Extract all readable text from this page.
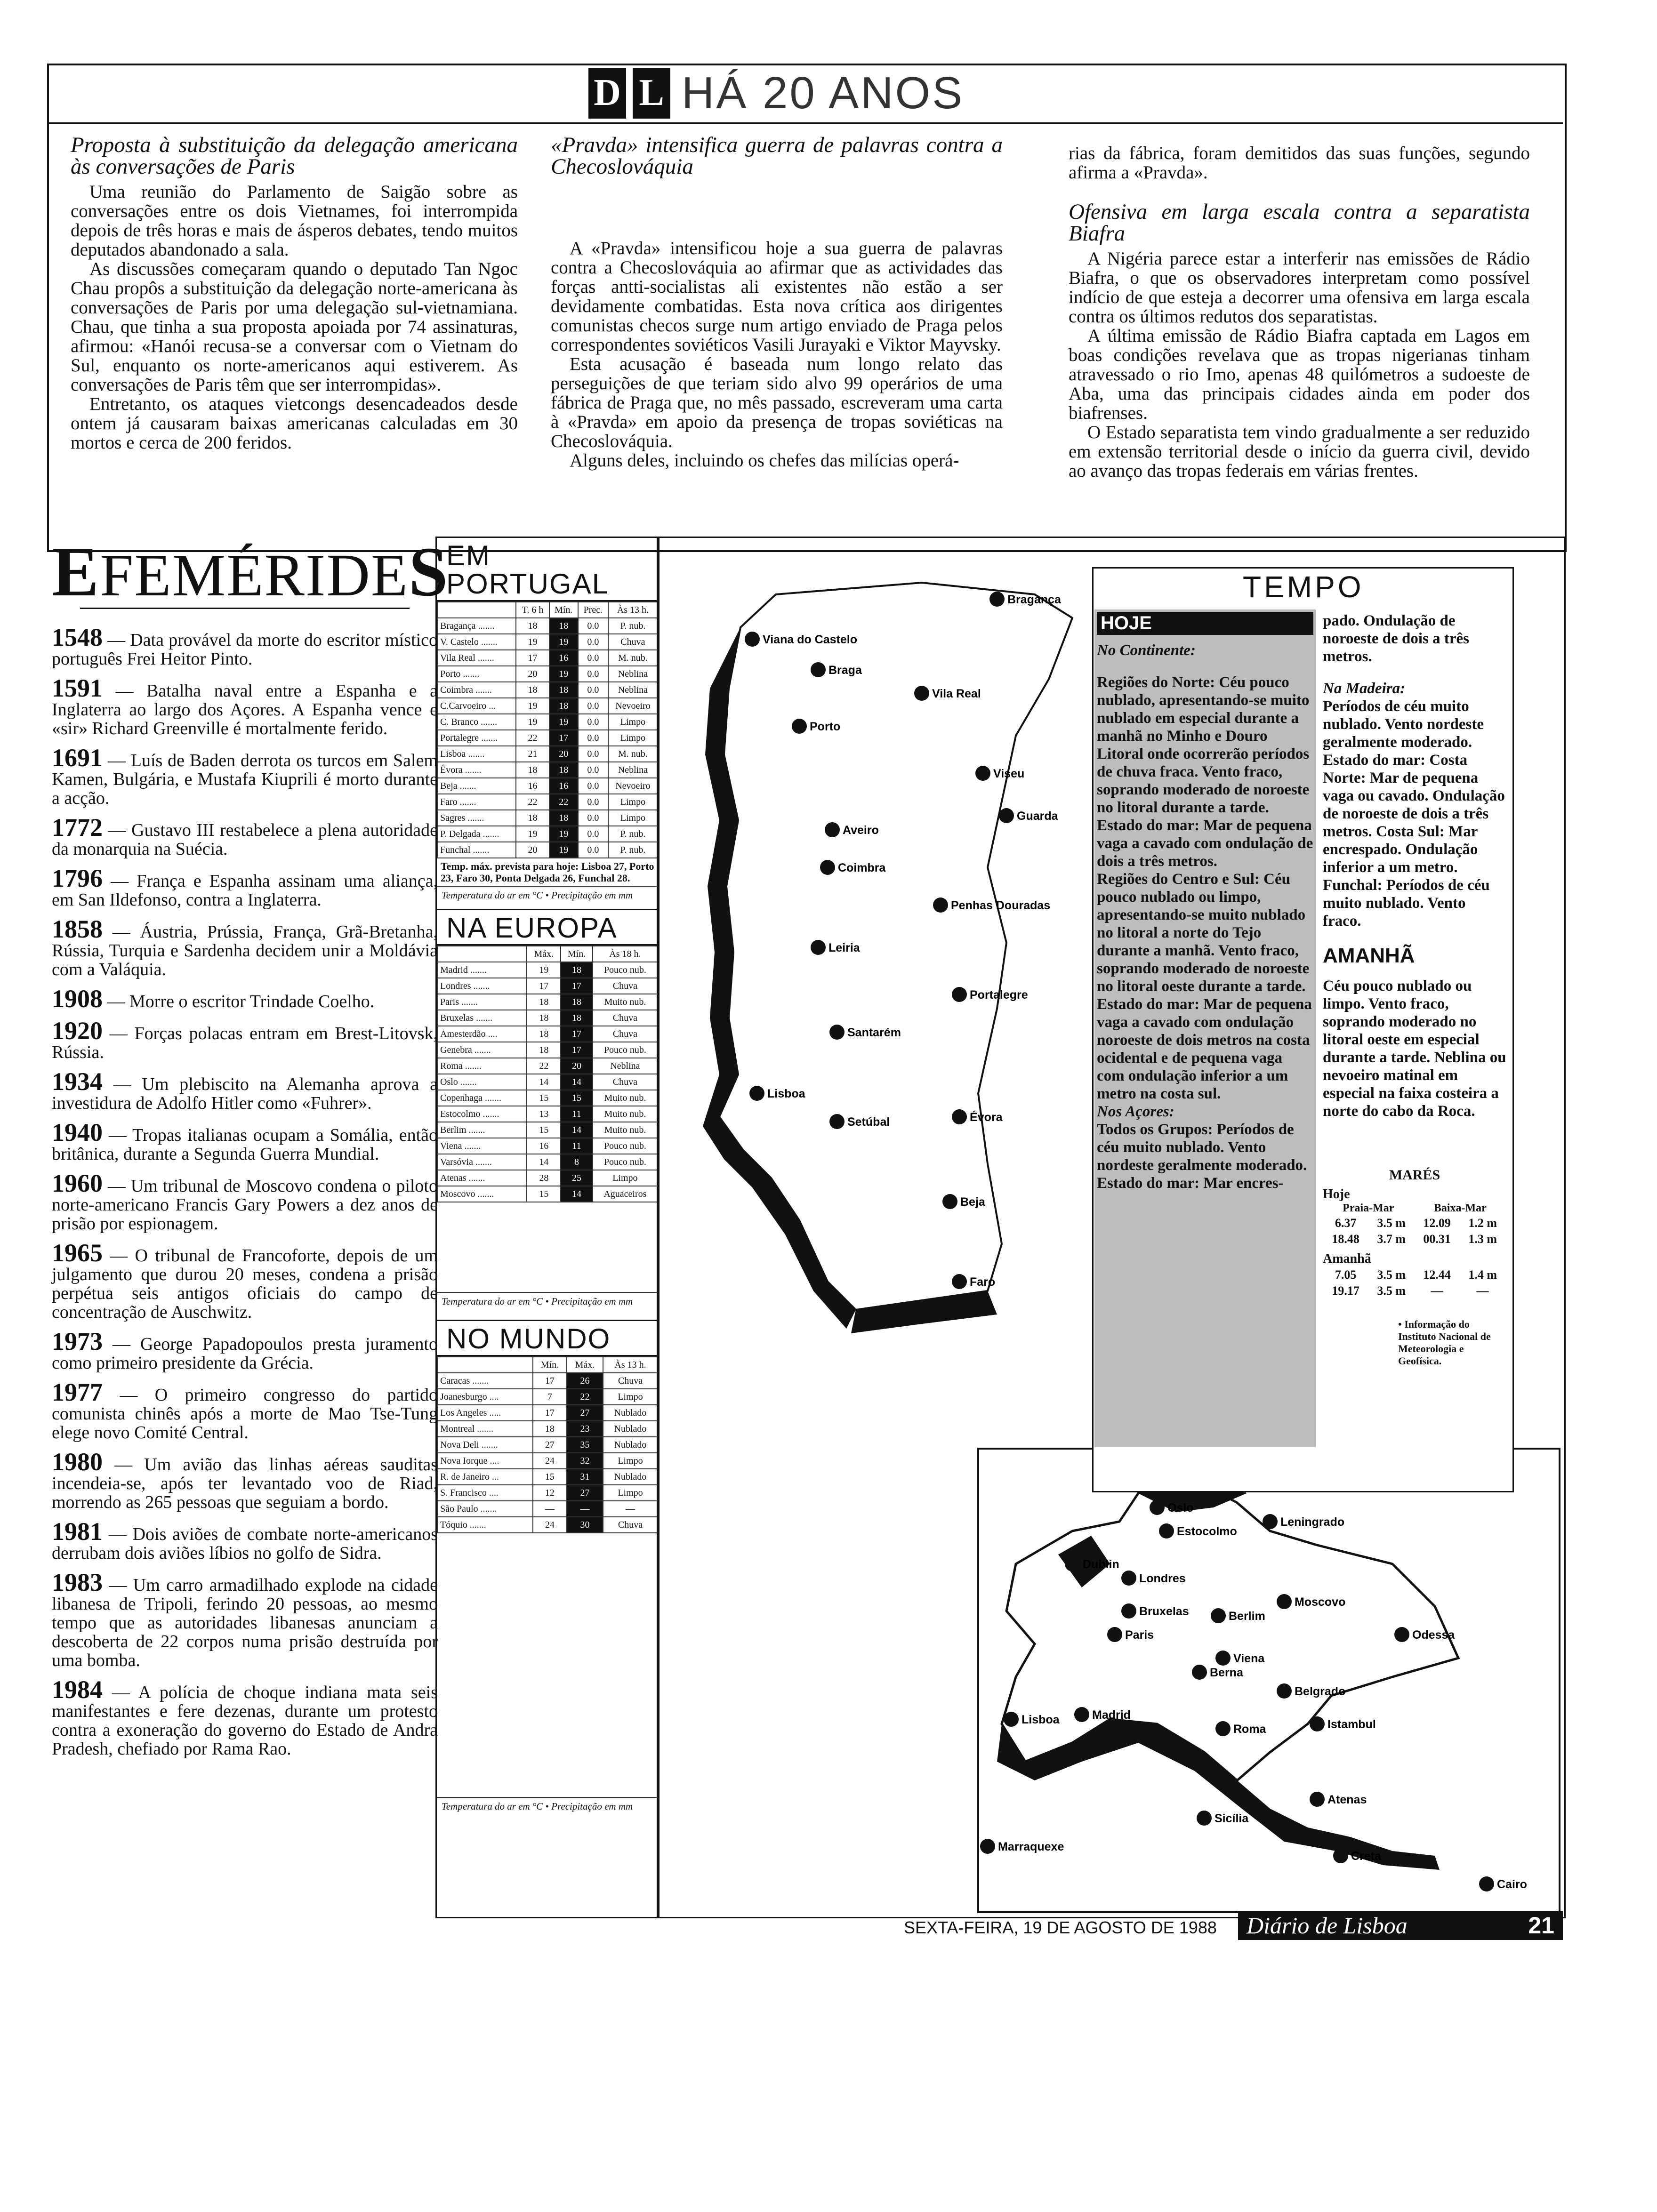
D L HÁ 20 ANOS
Proposta à substituição da delegação americana às conversações de Paris

Uma reunião do Parlamento de Saigão sobre as conversações entre os dois Vietnames, foi interrompida depois de três horas e mais de ásperos debates, tendo muitos deputados abandonado a sala.

As discussões começaram quando o deputado Tan Ngoc Chau propôs a substituição da delegação norte-americana às conversações de Paris por uma delegação sul-vietnamiana. Chau, que tinha a sua proposta apoiada por 74 assinaturas, afirmou: «Hanói recusa-se a conversar com o Vietnam do Sul, enquanto os norte-americanos aqui estiverem. As conversações de Paris têm que ser interrompidas».

Entretanto, os ataques vietcongs desencadeados desde ontem já causaram baixas americanas calculadas em 30 mortos e cerca de 200 feridos.

«Pravda» intensifica guerra de palavras contra a Checoslováquia

A «Pravda» intensificou hoje a sua guerra de palavras contra a Checoslováquia ao afirmar que as actividades das forças antti-socialistas ali existentes não estão a ser devidamente combatidas. Esta nova crítica aos dirigentes comunistas checos surge num artigo enviado de Praga pelos correspondentes soviéticos Vasili Jurayaki e Viktor Mayvsky.

Esta acusação é baseada num longo relato das perseguições de que teriam sido alvo 99 operários de uma fábrica de Praga que, no mês passado, escreveram uma carta à «Pravda» em apoio da presença de tropas soviéticas na Checoslováquia.

Alguns deles, incluindo os chefes das milícias operá-

rias da fábrica, foram demitidos das suas funções, segundo afirma a «Pravda».

Ofensiva em larga escala contra a separatista Biafra

A Nigéria parece estar a interferir nas emissões de Rádio Biafra, o que os observadores interpretam como possível indício de que esteja a decorrer uma ofensiva em larga escala contra os últimos redutos dos separatistas.

A última emissão de Rádio Biafra captada em Lagos em boas condições revelava que as tropas nigerianas tinham atravessado o rio Imo, apenas 48 quilómetros a sudoeste de Aba, uma das principais cidades ainda em poder dos biafrenses.

O Estado separatista tem vindo gradualmente a ser reduzido em extensão territorial desde o início da guerra civil, devido ao avanço das tropas federais em várias frentes.

EFEMÉRIDES

1548 — Data provável da morte do escritor místico português Frei Heitor Pinto.

1591 — Batalha naval entre a Espanha e a Inglaterra ao largo dos Açores. A Espanha vence e «sir» Richard Greenville é mortalmente ferido.

1691 — Luís de Baden derrota os turcos em Salem Kamen, Bulgária, e Mustafa Kiuprili é morto durante a acção.

1772 — Gustavo III restabelece a plena autoridade da monarquia na Suécia.

1796 — França e Espanha assinam uma aliança, em San Ildefonso, contra a Inglaterra.

1858 — Áustria, Prússia, França, Grã-Bretanha, Rússia, Turquia e Sardenha decidem unir a Moldávia com a Valáquia.

1908 — Morre o escritor Trindade Coelho.

1920 — Forças polacas entram em Brest-Litovsk, Rússia.

1934 — Um plebiscito na Alemanha aprova a investidura de Adolfo Hitler como «Fuhrer».

1940 — Tropas italianas ocupam a Somália, então britânica, durante a Segunda Guerra Mundial.

1960 — Um tribunal de Moscovo condena o piloto norte-americano Francis Gary Powers a dez anos de prisão por espionagem.

1965 — O tribunal de Francoforte, depois de um julgamento que durou 20 meses, condena a prisão perpétua seis antigos oficiais do campo de concentração de Auschwitz.

1973 — George Papadopoulos presta juramento como primeiro presidente da Grécia.

1977 — O primeiro congresso do partido comunista chinês após a morte de Mao Tse-Tung elege novo Comité Central.

1980 — Um avião das linhas aéreas sauditas incendeia-se, após ter levantado voo de Riad, morrendo as 265 pessoas que seguiam a bordo.

1981 — Dois aviões de combate norte-americanos derrubam dois aviões líbios no golfo de Sidra.

1983 — Um carro armadilhado explode na cidade libanesa de Tripoli, ferindo 20 pessoas, ao mesmo tempo que as autoridades libanesas anunciam a descoberta de 22 corpos numa prisão destruída por uma bomba.

1984 — A polícia de choque indiana mata seis manifestantes e fere dezenas, durante um protesto contra a exoneração do governo do Estado de Andra Pradesh, chefiado por Rama Rao.

EM PORTUGAL
	T. 6 h	Mín.	Prec.	Às 13 h.
Bragança .......	18	18	0.0	P. nub.
V. Castelo .......	19	19	0.0	Chuva
Vila Real .......	17	16	0.0	M. nub.
Porto .......	20	19	0.0	Neblina
Coimbra .......	18	18	0.0	Neblina
C.Carvoeiro ...	19	18	0.0	Nevoeiro
C. Branco .......	19	19	0.0	Limpo
Portalegre .......	22	17	0.0	Limpo
Lisboa .......	21	20	0.0	M. nub.
Évora .......	18	18	0.0	Neblina
Beja .......	16	16	0.0	Nevoeiro
Faro .......	22	22	0.0	Limpo
Sagres .......	18	18	0.0	Limpo
P. Delgada .......	19	19	0.0	P. nub.
Funchal .......	20	19	0.0	P. nub.
Temp. máx. prevista para hoje: Lisboa 27, Porto 23, Faro 30, Ponta Delgada 26, Funchal 28.
Temperatura do ar em °C • Precipitação em mm
NA EUROPA
	Máx.	Mín.	Às 18 h.
Madrid .......	19	18	Pouco nub.
Londres .......	17	17	Chuva
Paris .......	18	18	Muito nub.
Bruxelas .......	18	18	Chuva
Amesterdão ....	18	17	Chuva
Genebra .......	18	17	Pouco nub.
Roma .......	22	20	Neblina
Oslo .......	14	14	Chuva
Copenhaga .......	15	15	Muito nub.
Estocolmo .......	13	11	Muito nub.
Berlim .......	15	14	Muito nub.
Viena .......	16	11	Pouco nub.
Varsóvia .......	14	8	Pouco nub.
Atenas .......	28	25	Limpo
Moscovo .......	15	14	Aguaceiros
Temperatura do ar em °C • Precipitação em mm
NO MUNDO
	Mín.	Máx.	Às 13 h.
Caracas .......	17	26	Chuva
Joanesburgo ....	7	22	Limpo
Los Angeles .....	17	27	Nublado
Montreal .......	18	23	Nublado
Nova Deli .......	27	35	Nublado
Nova Iorque ....	24	32	Limpo
R. de Janeiro ...	15	31	Nublado
S. Francisco ....	12	27	Limpo
São Paulo .......	—	—	—
Tóquio .......	24	30	Chuva
Temperatura do ar em °C • Precipitação em mm
Bragança
Viana do Castelo
Braga
Vila Real
Porto
Viseu
Aveiro
Guarda
Coimbra
Penhas Douradas
Leiria
Portalegre
Santarém
Lisboa
Setúbal	Évora
Beja
Faro
Oslo
Estocolmo
Leningrado
Dublin
Londres
Bruxelas	Berlim
Moscovo
Paris
Viena
Odessa
Berna
Belgrado
Lisboa	Madrid
Roma	Istambul
Atenas
Sicília
Creta
Marraquexe
Cairo
TEMPO
HOJE

No Continente:

Regiões do Norte: Céu pouco nublado, apresentando-se muito nublado em especial durante a manhã no Minho e Douro Litoral onde ocorrerão períodos de chuva fraca. Vento fraco, soprando moderado de noroeste no litoral durante a tarde.

Estado do mar: Mar de pequena vaga a cavado com ondulação de dois a três metros.

Regiões do Centro e Sul: Céu pouco nublado ou limpo, apresentando-se muito nublado no litoral a norte do Tejo durante a manhã. Vento fraco, soprando moderado de noroeste no litoral oeste durante a tarde.

Estado do mar: Mar de pequena vaga a cavado com ondulação noroeste de dois metros na costa ocidental e de pequena vaga com ondulação inferior a um metro na costa sul.

Nos Açores:

Todos os Grupos: Períodos de céu muito nublado. Vento nordeste geralmente moderado.

Estado do mar: Mar encres-

pado. Ondulação de noroeste de dois a três metros.

Na Madeira:

Períodos de céu muito nublado. Vento nordeste geralmente moderado.

Estado do mar: Costa Norte: Mar de pequena vaga ou cavado. Ondulação de noroeste de dois a três metros. Costa Sul: Mar encrespado. Ondulação inferior a um metro.

Funchal: Períodos de céu muito nublado. Vento fraco.

AMANHÃ

Céu pouco nublado ou limpo. Vento fraco, soprando moderado no litoral oeste em especial durante a tarde. Neblina ou nevoeiro matinal em especial na faixa costeira a norte do cabo da Roca.

MARÉS
Hoje
Praia-Mar	Baixa-Mar
6.37	3.5 m	12.09	1.2 m
18.48	3.7 m	00.31	1.3 m
Amanhã
7.05	3.5 m	12.44	1.4 m
19.17	3.5 m	—	—
• Informação do Instituto Nacional de Meteorologia e Geofísica.
SEXTA-FEIRA, 19 DE AGOSTO DE 1988 Diário de Lisboa	21
